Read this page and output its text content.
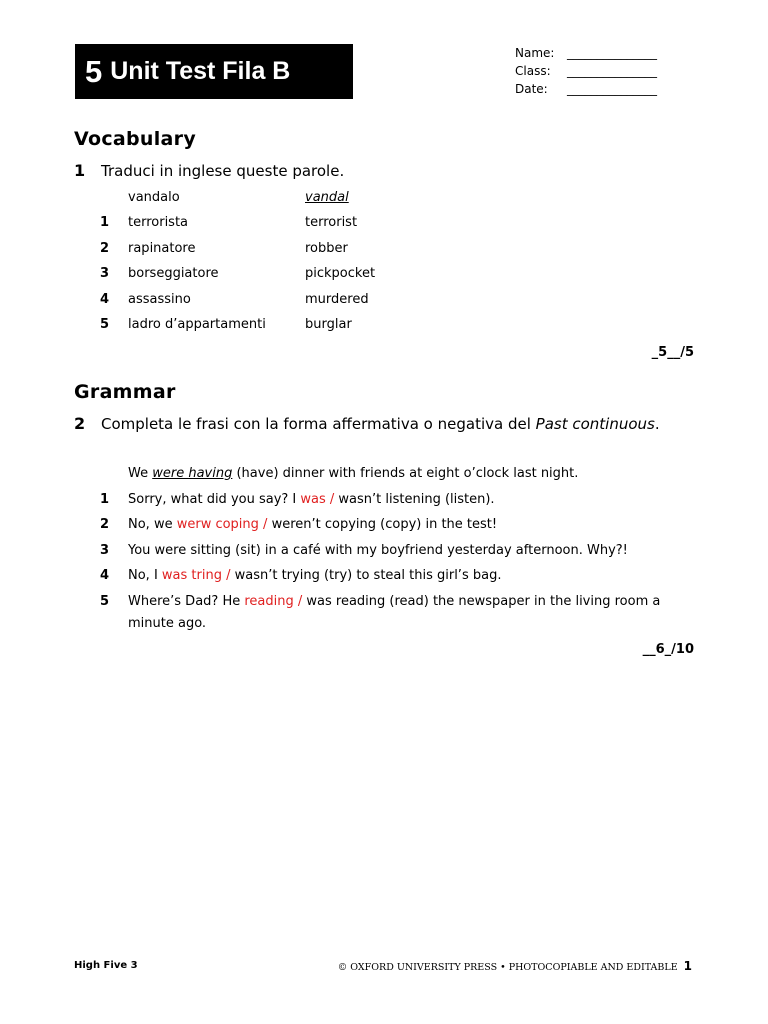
5 Unit Test Fila B
Name: _______________
Class: _______________
Date: _______________
Vocabulary
1 Traduci in inglese queste parole.
vandalo	vandal
1 terrorista	terrorist
2 rapinatore	robber
3 borseggiatore	pickpocket
4 assassino	murdered
5 ladro d’appartamenti	burglar
_5__/5
Grammar
2 Completa le frasi con la forma affermativa o negativa del Past continuous.
We were having (have) dinner with friends at eight o’clock last night.
1 Sorry, what did you say? I was / wasn’t listening (listen).
2 No, we werw coping / weren’t copying (copy) in the test!
3 You were sitting (sit) in a café with my boyfriend yesterday afternoon. Why?!
4 No, I was tring / wasn’t trying (try) to steal this girl’s bag.
5 Where’s Dad? He reading / was reading (read) the newspaper in the living room a minute ago.
__6_/10
High Five 3	© OXFORD UNIVERSITY PRESS • PHOTOCOPIABLE AND EDITABLE 1
